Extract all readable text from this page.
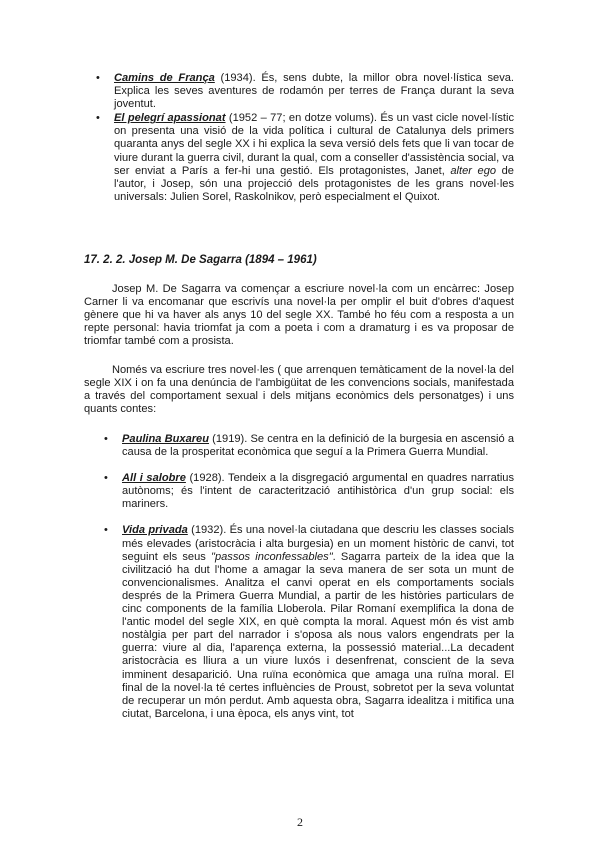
• Camins de França (1934). És, sens dubte, la millor obra novel·lística seva. Explica les seves aventures de rodamón per terres de França durant la seva joventut.
• El pelegrí apassionat (1952 – 77; en dotze volums). És un vast cicle novel·lístic on presenta una visió de la vida política i cultural de Catalunya dels primers quaranta anys del segle XX i hi explica la seva versió dels fets que li van tocar de viure durant la guerra civil, durant la qual, com a conseller d'assistència social, va ser enviat a París a fer-hi una gestió. Els protagonistes, Janet, alter ego de l'autor, i Josep, són una projecció dels protagonistes de les grans novel·les universals: Julien Sorel, Raskolnikov, però especialment el Quixot.

17. 2. 2. Josep M. De Sagarra (1894 – 1961)

Josep M. De Sagarra va començar a escriure novel·la com un encàrrec: Josep Carner li va encomanar que escrivís una novel·la per omplir el buit d'obres d'aquest gènere que hi va haver als anys 10 del segle XX. També ho féu com a resposta a un repte personal: havia triomfat ja com a poeta i com a dramaturg i es va proposar de triomfar també com a prosista.

Només va escriure tres novel·les ( que arrenquen temàticament de la novel·la del segle XIX i on fa una denúncia de l'ambigüitat de les convencions socials, manifestada a través del comportament sexual i dels mitjans econòmics dels personatges) i uns quants contes:

• Paulina Buxareu (1919). Se centra en la definició de la burgesia en ascensió a causa de la prosperitat econòmica que seguí a la Primera Guerra Mundial.
• All i salobre (1928). Tendeix a la disgregació argumental en quadres narratius autònoms; és l'intent de caracterització antihistòrica d'un grup social: els mariners.
• Vida privada (1932). És una novel·la ciutadana que descriu les classes socials més elevades (aristocràcia i alta burgesia) en un moment històric de canvi, tot seguint els seus "passos inconfessables". Sagarra parteix de la idea que la civilització ha dut l'home a amagar la seva manera de ser sota un munt de convencionalismes. Analitza el canvi operat en els comportaments socials després de la Primera Guerra Mundial, a partir de les històries particulars de cinc components de la família Lloberola. Pilar Romaní exemplifica la dona de l'antic model del segle XIX, en què compta la moral. Aquest món és vist amb nostàlgia per part del narrador i s'oposa als nous valors engendrats per la guerra: viure al dia, l'aparença externa, la possessió material...La decadent aristocràcia es lliura a un viure luxós i desenfrenat, conscient de la seva imminent desaparició. Una ruïna econòmica que amaga una ruïna moral. El final de la novel·la té certes influències de Proust, sobretot per la seva voluntat de recuperar un món perdut. Amb aquesta obra, Sagarra idealitza i mitifica una ciutat, Barcelona, i una època, els anys vint, tot
2
